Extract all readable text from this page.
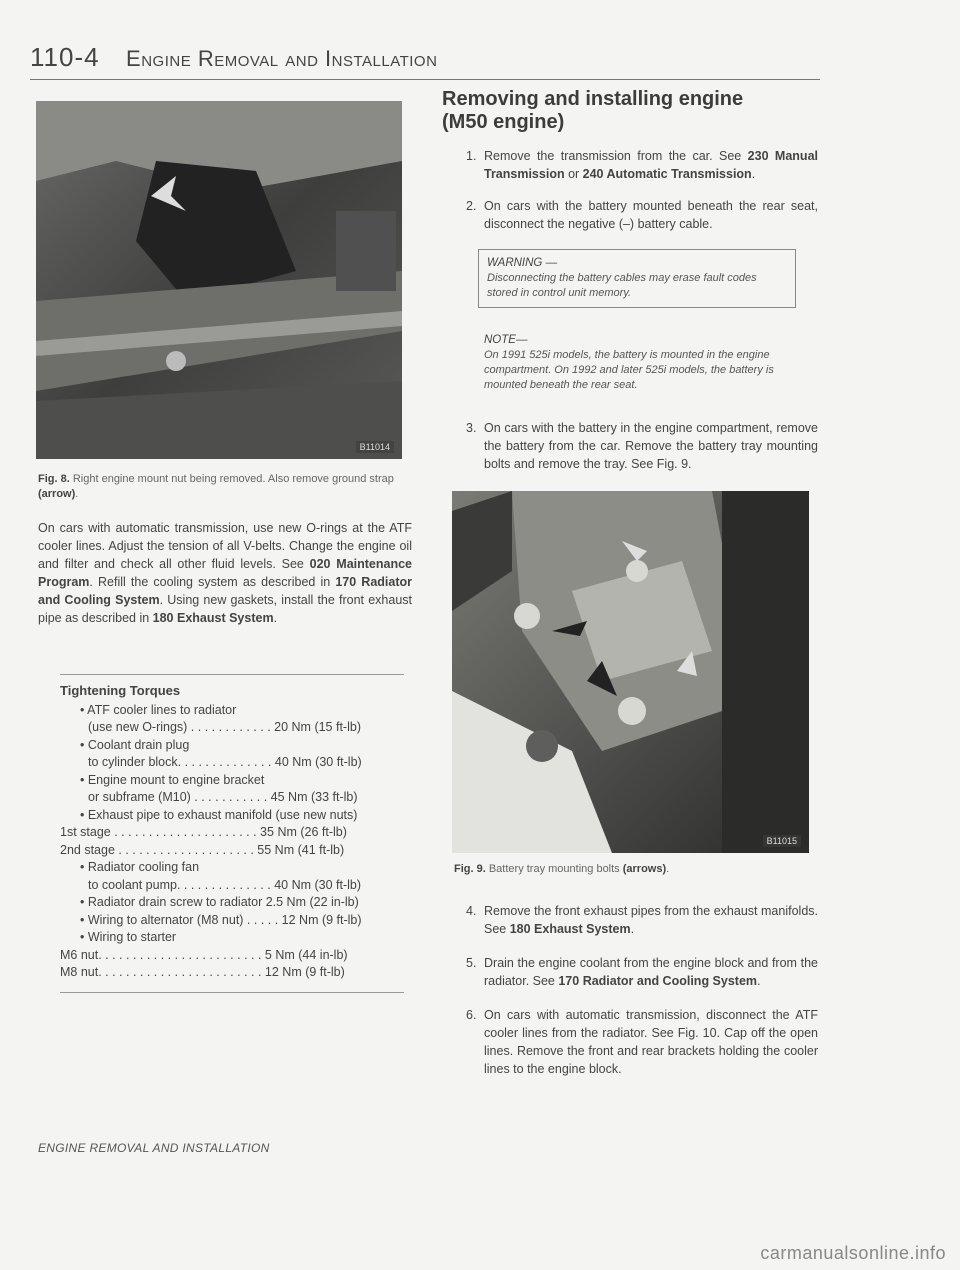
110-4 Engine Removal and Installation
B11014
Fig. 8. Right engine mount nut being removed. Also remove ground strap (arrow).
On cars with automatic transmission, use new O-rings at the ATF cooler lines. Adjust the tension of all V-belts. Change the engine oil and filter and check all other fluid levels. See 020 Maintenance Program. Refill the cooling system as described in 170 Radiator and Cooling System. Using new gaskets, install the front exhaust pipe as described in 180 Exhaust System.
Tightening Torques
• ATF cooler lines to radiator
(use new O-rings) . . . . . . . . . . . . 20 Nm (15 ft-lb)
• Coolant drain plug
to cylinder block. . . . . . . . . . . . . . 40 Nm (30 ft-lb)
• Engine mount to engine bracket
or subframe (M10) . . . . . . . . . . . 45 Nm (33 ft-lb)
• Exhaust pipe to exhaust manifold (use new nuts)
1st stage . . . . . . . . . . . . . . . . . . . . . 35 Nm (26 ft-lb)
2nd stage . . . . . . . . . . . . . . . . . . . . 55 Nm (41 ft-lb)
• Radiator cooling fan
to coolant pump. . . . . . . . . . . . . . 40 Nm (30 ft-lb)
• Radiator drain screw to radiator 2.5 Nm (22 in-lb)
• Wiring to alternator (M8 nut) . . . . . 12 Nm (9 ft-lb)
• Wiring to starter
M6 nut. . . . . . . . . . . . . . . . . . . . . . . . 5 Nm (44 in-lb)
M8 nut. . . . . . . . . . . . . . . . . . . . . . . . 12 Nm (9 ft-lb)
Removing and installing engine
(M50 engine)
1. Remove the transmission from the car. See 230 Manual Transmission or 240 Automatic Transmission.
2. On cars with the battery mounted beneath the rear seat, disconnect the negative (–) battery cable.
WARNING —
Disconnecting the battery cables may erase fault codes stored in control unit memory.
NOTE—
On 1991 525i models, the battery is mounted in the engine compartment. On 1992 and later 525i models, the battery is mounted beneath the rear seat.
3. On cars with the battery in the engine compartment, remove the battery from the car. Remove the battery tray mounting bolts and remove the tray. See Fig. 9.
B11015
Fig. 9. Battery tray mounting bolts (arrows).
4. Remove the front exhaust pipes from the exhaust manifolds. See 180 Exhaust System.
5. Drain the engine coolant from the engine block and from the radiator. See 170 Radiator and Cooling System.
6. On cars with automatic transmission, disconnect the ATF cooler lines from the radiator. See Fig. 10. Cap off the open lines. Remove the front and rear brackets holding the cooler lines to the engine block.
ENGINE REMOVAL AND INSTALLATION
carmanualsonline.info
